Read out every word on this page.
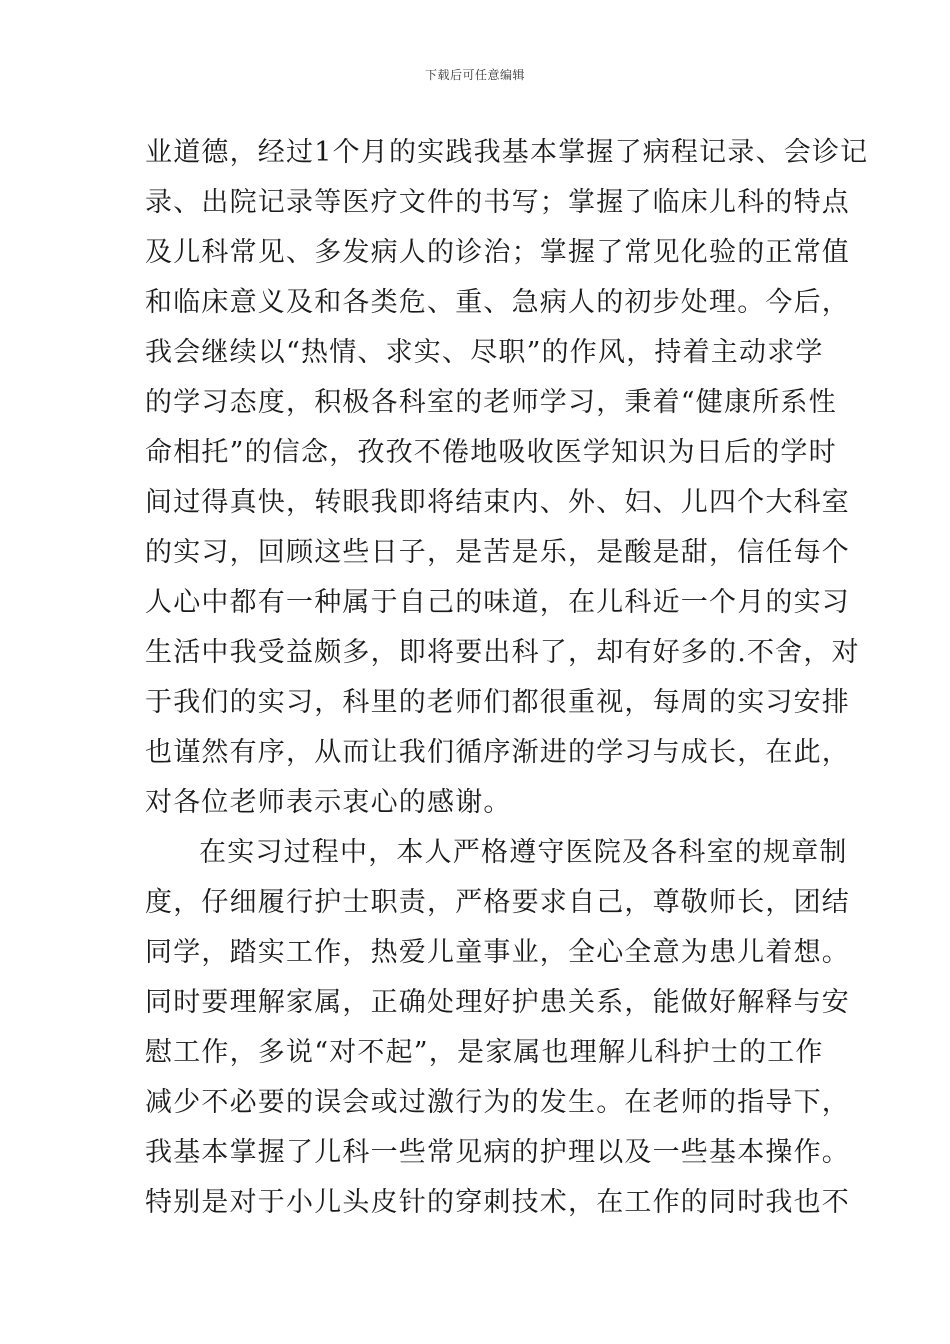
下载后可任意编辑
业道德，经过1个月的实践我基本掌握了病程记录、会诊记
录、出院记录等医疗文件的书写；掌握了临床儿科的特点
及儿科常见、多发病人的诊治；掌握了常见化验的正常值
和临床意义及和各类危、重、急病人的初步处理。今后，
我会继续以“热情、求实、尽职”的作风，持着主动求学
的学习态度，积极各科室的老师学习，秉着“健康所系性
命相托”的信念，孜孜不倦地吸收医学知识为日后的学时
间过得真快，转眼我即将结束内、外、妇、儿四个大科室
的实习，回顾这些日子，是苦是乐，是酸是甜，信任每个
人心中都有一种属于自己的味道，在儿科近一个月的实习
生活中我受益颇多，即将要出科了，却有好多的.不舍，对
于我们的实习，科里的老师们都很重视，每周的实习安排
也谨然有序，从而让我们循序渐进的学习与成长，在此，
对各位老师表示衷心的感谢。
在实习过程中，本人严格遵守医院及各科室的规章制
度，仔细履行护士职责，严格要求自己，尊敬师长，团结
同学，踏实工作，热爱儿童事业，全心全意为患儿着想。
同时要理解家属，正确处理好护患关系，能做好解释与安
慰工作，多说“对不起”，是家属也理解儿科护士的工作
减少不必要的误会或过激行为的发生。在老师的指导下，
我基本掌握了儿科一些常见病的护理以及一些基本操作。
特别是对于小儿头皮针的穿刺技术，在工作的同时我也不
